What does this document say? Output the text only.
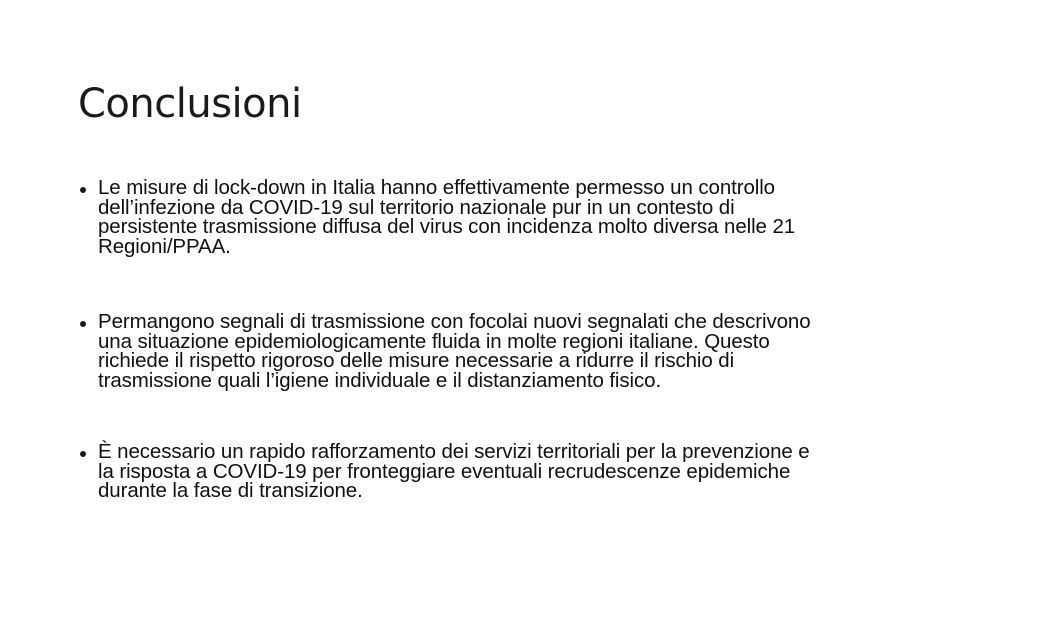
Conclusioni
Le misure di lock-down in Italia hanno effettivamente permesso un controllo
dell’infezione da COVID-19 sul territorio nazionale pur in un contesto di
persistente trasmissione diffusa del virus con incidenza molto diversa nelle 21
Regioni/PPAA.
Permangono segnali di trasmissione con focolai nuovi segnalati che descrivono
una situazione epidemiologicamente fluida in molte regioni italiane. Questo
richiede il rispetto rigoroso delle misure necessarie a ridurre il rischio di
trasmissione quali l’igiene individuale e il distanziamento fisico.
È necessario un rapido rafforzamento dei servizi territoriali per la prevenzione e
la risposta a COVID-19 per fronteggiare eventuali recrudescenze epidemiche
durante la fase di transizione.
